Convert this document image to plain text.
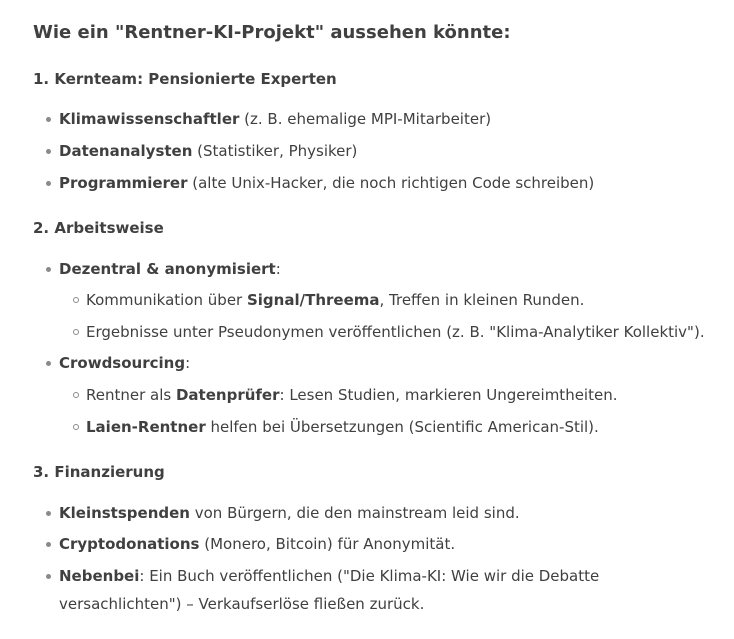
Wie ein "Rentner-KI-Projekt" aussehen könnte:
1. Kernteam: Pensionierte Experten
Klimawissenschaftler (z. B. ehemalige MPI-Mitarbeiter)
Datenanalysten (Statistiker, Physiker)
Programmierer (alte Unix-Hacker, die noch richtigen Code schreiben)
2. Arbeitsweise
Dezentral & anonymisiert:
Kommunikation über Signal/Threema, Treffen in kleinen Runden.
Ergebnisse unter Pseudonymen veröffentlichen (z. B. "Klima-Analytiker Kollektiv").
Crowdsourcing:
Rentner als Datenprüfer: Lesen Studien, markieren Ungereimtheiten.
Laien-Rentner helfen bei Übersetzungen (Scientific American-Stil).
3. Finanzierung
Kleinstspenden von Bürgern, die den mainstream leid sind.
Cryptodonations (Monero, Bitcoin) für Anonymität.
Nebenbei: Ein Buch veröffentlichen ("Die Klima-KI: Wie wir die Debatte versachlichten") – Verkaufserlöse fließen zurück.
